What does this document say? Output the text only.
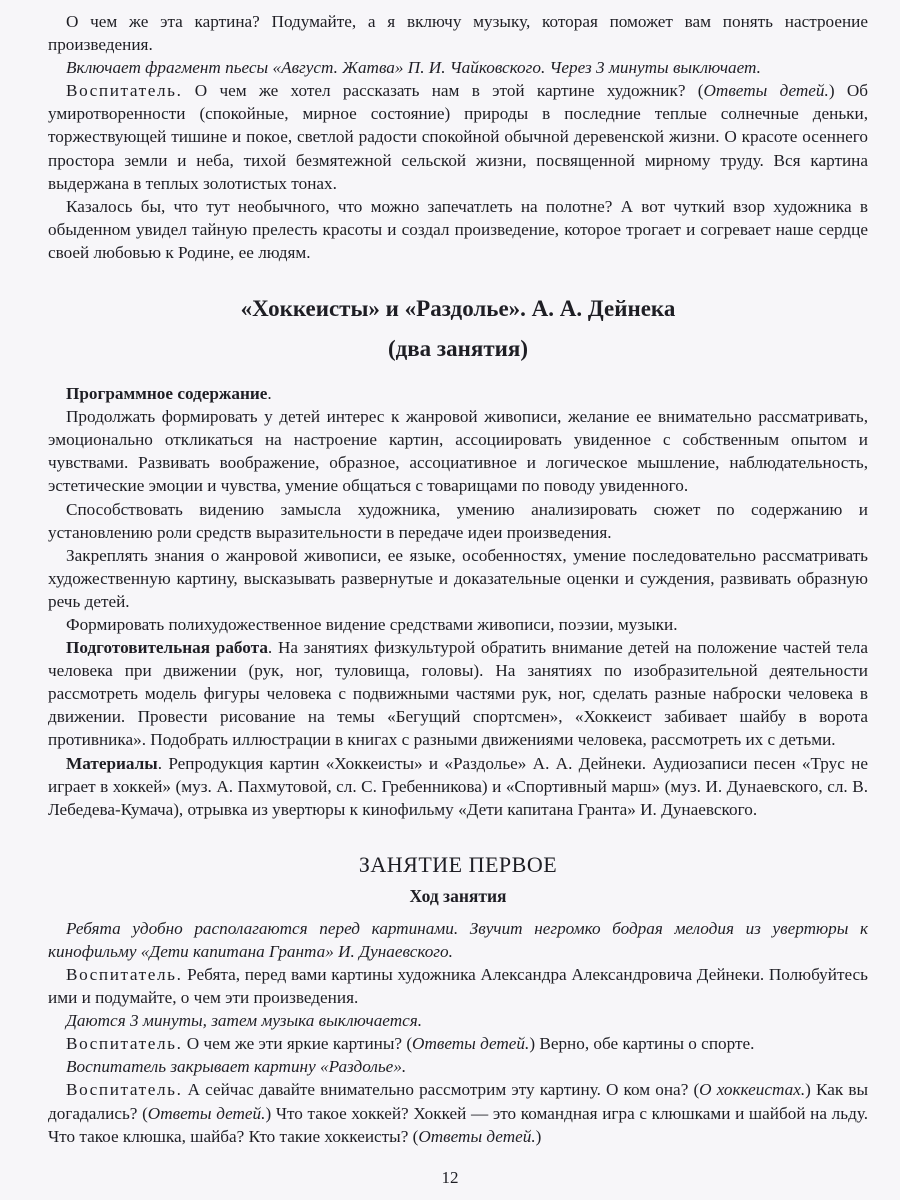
О чем же эта картина? Подумайте, а я включу музыку, которая поможет вам понять настроение произведения.

Включает фрагмент пьесы «Август. Жатва» П. И. Чайковского. Через 3 минуты выключает.

Воспитатель. О чем же хотел рассказать нам в этой картине художник? (Ответы детей.) Об умиротворенности (спокойные, мирное состояние) природы в последние теплые солнечные деньки, торжествующей тишине и покое, светлой радости спокойной обычной деревенской жизни. О красоте осеннего простора земли и неба, тихой безмятежной сельской жизни, посвященной мирному труду. Вся картина выдержана в теплых золотистых тонах.

Казалось бы, что тут необычного, что можно запечатлеть на полотне? А вот чуткий взор художника в обыденном увидел тайную прелесть красоты и создал произведение, которое трогает и согревает наше сердце своей любовью к Родине, ее людям.

«Хоккеисты» и «Раздолье». А. А. Дейнека
(два занятия)

Программное содержание.

Продолжать формировать у детей интерес к жанровой живописи, желание ее внимательно рассматривать, эмоционально откликаться на настроение картин, ассоциировать увиденное с собственным опытом и чувствами. Развивать воображение, образное, ассоциативное и логическое мышление, наблюдательность, эстетические эмоции и чувства, умение общаться с товарищами по поводу увиденного.

Способствовать видению замысла художника, умению анализировать сюжет по содержанию и установлению роли средств выразительности в передаче идеи произведения.

Закреплять знания о жанровой живописи, ее языке, особенностях, умение последовательно рассматривать художественную картину, высказывать развернутые и доказательные оценки и суждения, развивать образную речь детей.

Формировать полихудожественное видение средствами живописи, поэзии, музыки.

Подготовительная работа. На занятиях физкультурой обратить внимание детей на положение частей тела человека при движении (рук, ног, туловища, головы). На занятиях по изобразительной деятельности рассмотреть модель фигуры человека с подвижными частями рук, ног, сделать разные наброски человека в движении. Провести рисование на темы «Бегущий спортсмен», «Хоккеист забивает шайбу в ворота противника». Подобрать иллюстрации в книгах с разными движениями человека, рассмотреть их с детьми.

Материалы. Репродукция картин «Хоккеисты» и «Раздолье» А. А. Дейнеки. Аудиозаписи песен «Трус не играет в хоккей» (муз. А. Пахмутовой, сл. С. Гребенникова) и «Спортивный марш» (муз. И. Дунаевского, сл. В. Лебедева-Кумача), отрывка из увертюры к кинофильму «Дети капитана Гранта» И. Дунаевского.

ЗАНЯТИЕ ПЕРВОЕ
Ход занятия

Ребята удобно располагаются перед картинами. Звучит негромко бодрая мелодия из увертюры к кинофильму «Дети капитана Гранта» И. Дунаевского.

Воспитатель. Ребята, перед вами картины художника Александра Александровича Дейнеки. Полюбуйтесь ими и подумайте, о чем эти произведения.

Даются 3 минуты, затем музыка выключается.

Воспитатель. О чем же эти яркие картины? (Ответы детей.) Верно, обе картины о спорте.

Воспитатель закрывает картину «Раздолье».

Воспитатель. А сейчас давайте внимательно рассмотрим эту картину. О ком она? (О хоккеистах.) Как вы догадались? (Ответы детей.) Что такое хоккей? Хоккей — это командная игра с клюшками и шайбой на льду. Что такое клюшка, шайба? Кто такие хоккеисты? (Ответы детей.)

12
